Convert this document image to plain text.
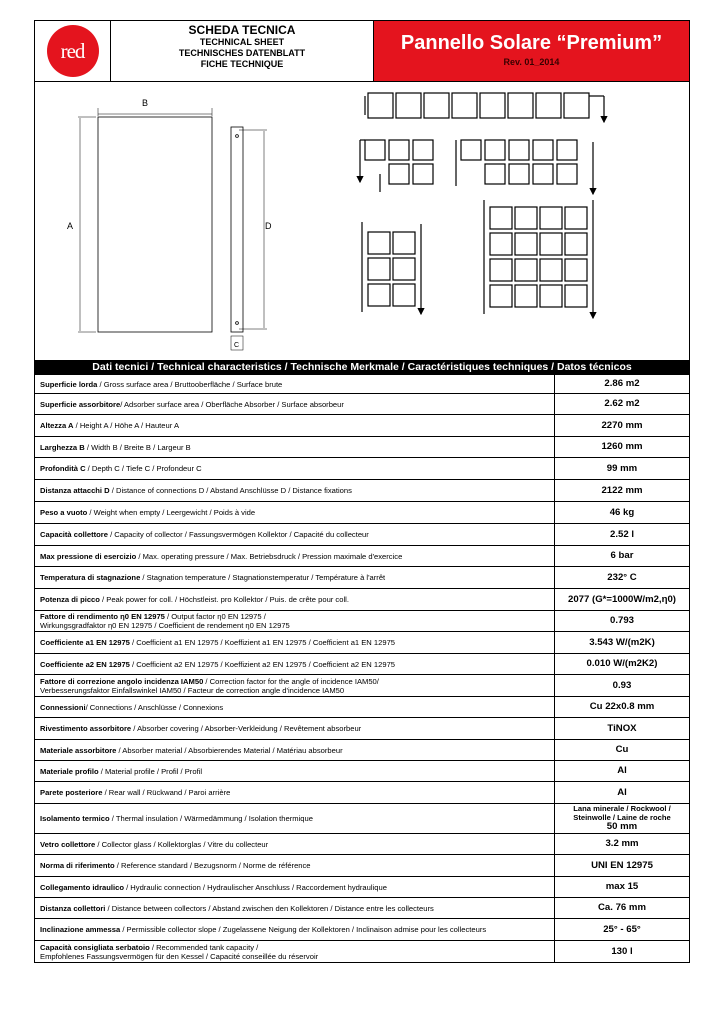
red
SCHEDA TECNICA
TECHNICAL SHEET
TECHNISCHES DATENBLATT
FICHE TECHNIQUE
Pannello Solare “Premium”
Rev. 01_2014
B
A	D
C
Dati tecnici / Technical characteristics / Technische Merkmale / Caractéristiques techniques / Datos técnicos
Superficie lorda / Gross surface area / Bruttooberfläche / Surface brute	2.86 m2
Superficie assorbitore/ Adsorber surface area / Oberfläche Absorber / Surface absorbeur	2.62 m2
Altezza A / Height A / Höhe A / Hauteur A	2270 mm
Larghezza B / Width B / Breite B / Largeur B	1260 mm
Profondità C / Depth C / Tiefe C / Profondeur C	99 mm
Distanza attacchi D / Distance of connections D / Abstand Anschlüsse D / Distance fixations	2122 mm
Peso a vuoto / Weight when empty / Leergewicht / Poids à vide	46 kg
Capacità collettore / Capacity of collector / Fassungsvermögen Kollektor / Capacité du collecteur	2.52 l
Max pressione di esercizio / Max. operating pressure / Max. Betriebsdruck / Pression maximale d'exercice	6 bar
Temperatura di stagnazione / Stagnation temperature / Stagnationstemperatur / Température à l'arrêt	232° C
Potenza di picco / Peak power for coll. / Höchstleist. pro Kollektor / Puis. de crête pour coll.	2077 (G*=1000W/m2,η0)
Fattore di rendimento η0 EN 12975 / Output factor η0 EN 12975 /
Wirkungsgradfaktor η0 EN 12975 / Coefficient de rendement η0 EN 12975	0.793
Coefficiente a1 EN 12975 / Coefficient a1 EN 12975 / Koeffizient a1 EN 12975 / Coefficient a1 EN 12975	3.543 W/(m2K)
Coefficiente a2 EN 12975 / Coefficient a2 EN 12975 / Koeffizient a2 EN 12975 / Coefficient a2 EN 12975	0.010 W/(m2K2)
Fattore di correzione angolo incidenza IAM50 / Correction factor for the angle of incidence IAM50/
Verbesserungsfaktor Einfallswinkel IAM50 / Facteur de correction angle d'incidence IAM50	0.93
Connessioni/ Connections / Anschlüsse / Connexions	Cu 22x0.8 mm
Rivestimento assorbitore / Absorber covering / Absorber-Verkleidung / Revêtement absorbeur	TiNOX
Materiale assorbitore / Absorber material / Absorbierendes Material / Matériau absorbeur	Cu
Materiale profilo / Material profile / Profil / Profil	Al
Parete posteriore / Rear wall / Rückwand / Paroi arrière	Al
Isolamento termico / Thermal insulation / Wärmedämmung / Isolation thermique	Lana minerale / Rockwool / Steinwolle / Laine de roche
50 mm
Vetro collettore / Collector glass / Kollektorglas / Vitre du collecteur	3.2 mm
Norma di riferimento / Reference standard / Bezugsnorm / Norme de référence	UNI EN 12975
Collegamento idraulico / Hydraulic connection / Hydraulischer Anschluss / Raccordement hydraulique	max 15
Distanza collettori / Distance between collectors / Abstand zwischen den Kollektoren / Distance entre les collecteurs	Ca. 76 mm
Inclinazione ammessa / Permissible collector slope / Zugelassene Neigung der Kollektoren / Inclinaison admise pour les collecteurs	25° - 65°
Capacità consigliata serbatoio / Recommended tank capacity /
Empfohlenes Fassungsvermögen für den Kessel / Capacité conseillée du réservoir	130 l
